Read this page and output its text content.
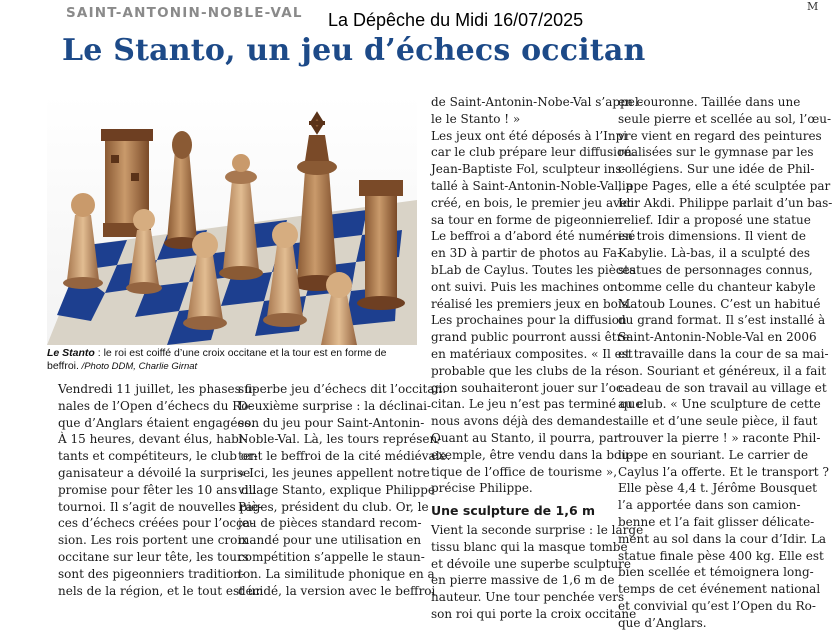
SAINT-ANTONIN-NOBLE-VAL La Dépêche du Midi 16/07/2025
M
Le Stanto, un jeu d’échecs occitan
Le Stanto : le roi est coiffé d’une croix occitane et la tour est en forme de beffroi. /Photo DDM, Charlie Girnat
Vendredi 11 juillet, les phases fi-
nales de l’Open d’échecs du Ro-
que d’Anglars étaient engagées.
À 15 heures, devant élus, habi-
tants et compétiteurs, le club or-
ganisateur a dévoilé la surprise
promise pour fêter les 10 ans du
tournoi. Il s’agit de nouvelles piè-
ces d’échecs créées pour l’occa-
sion. Les rois portent une croix
occitane sur leur tête, les tours
sont des pigeonniers tradition-
nels de la région, et le tout est un
superbe jeu d’échecs dit l’occitan.
Deuxième surprise : la déclinai-
son du jeu pour Saint-Antonin-
Noble-Val. Là, les tours représen-
tent le beffroi de la cité médiévale.
« Ici, les jeunes appellent notre
village Stanto, explique Philippe
Pages, président du club. Or, le
jeu de pièces standard recom-
mandé pour une utilisation en
compétition s’appelle le staun-
ton. La similitude phonique en a
décidé, la version avec le beffroi
de Saint-Antonin-Nobe-Val s’appel-
le le Stanto ! »
Les jeux ont été déposés à l’Inpi
car le club prépare leur diffusion.
Jean-Baptiste Fol, sculpteur ins-
tallé à Saint-Antonin-Noble-Val, a
créé, en bois, le premier jeu avec
sa tour en forme de pigeonnier.
Le beffroi a d’abord été numérisé
en 3D à partir de photos au Fa-
bLab de Caylus. Toutes les pièces
ont suivi. Puis les machines ont
réalisé les premiers jeux en bois.
Les prochaines pour la diffusion
grand public pourront aussi être
en matériaux composites. « Il est
probable que les clubs de la ré-
gion souhaiteront jouer sur l’oc-
citan. Le jeu n’est pas terminé que
nous avons déjà des demandes.
Quant au Stanto, il pourra, par
exemple, être vendu dans la bou-
tique de l’office de tourisme »,
précise Philippe.
Une sculpture de 1,6 m
Vient la seconde surprise : le large
tissu blanc qui la masque tombe
et dévoile une superbe sculpture
en pierre massive de 1,6 m de
hauteur. Une tour penchée vers
son roi qui porte la croix occitane
en couronne. Taillée dans une
seule pierre et scellée au sol, l’œu-
vre vient en regard des peintures
réalisées sur le gymnase par les
collégiens. Sur une idée de Phil-
lippe Pages, elle a été sculptée par
Idir Akdi. Philippe parlait d’un bas-
relief. Idir a proposé une statue
en trois dimensions. Il vient de
Kabylie. Là-bas, il a sculpté des
statues de personnages connus,
comme celle du chanteur kabyle
Matoub Lounes. C’est un habitué
du grand format. Il s’est installé à
Saint-Antonin-Noble-Val en 2006
et travaille dans la cour de sa mai-
son. Souriant et généreux, il a fait
cadeau de son travail au village et
au club. « Une sculpture de cette
taille et d’une seule pièce, il faut
trouver la pierre ! » raconte Phil-
lippe en souriant. Le carrier de
Caylus l’a offerte. Et le transport ?
Elle pèse 4,4 t. Jérôme Bousquet
l’a apportée dans son camion-
benne et l’a fait glisser délicate-
ment au sol dans la cour d’Idir. La
statue finale pèse 400 kg. Elle est
bien scellée et témoignera long-
temps de cet événement national
et convivial qu’est l’Open du Ro-
que d’Anglars.
